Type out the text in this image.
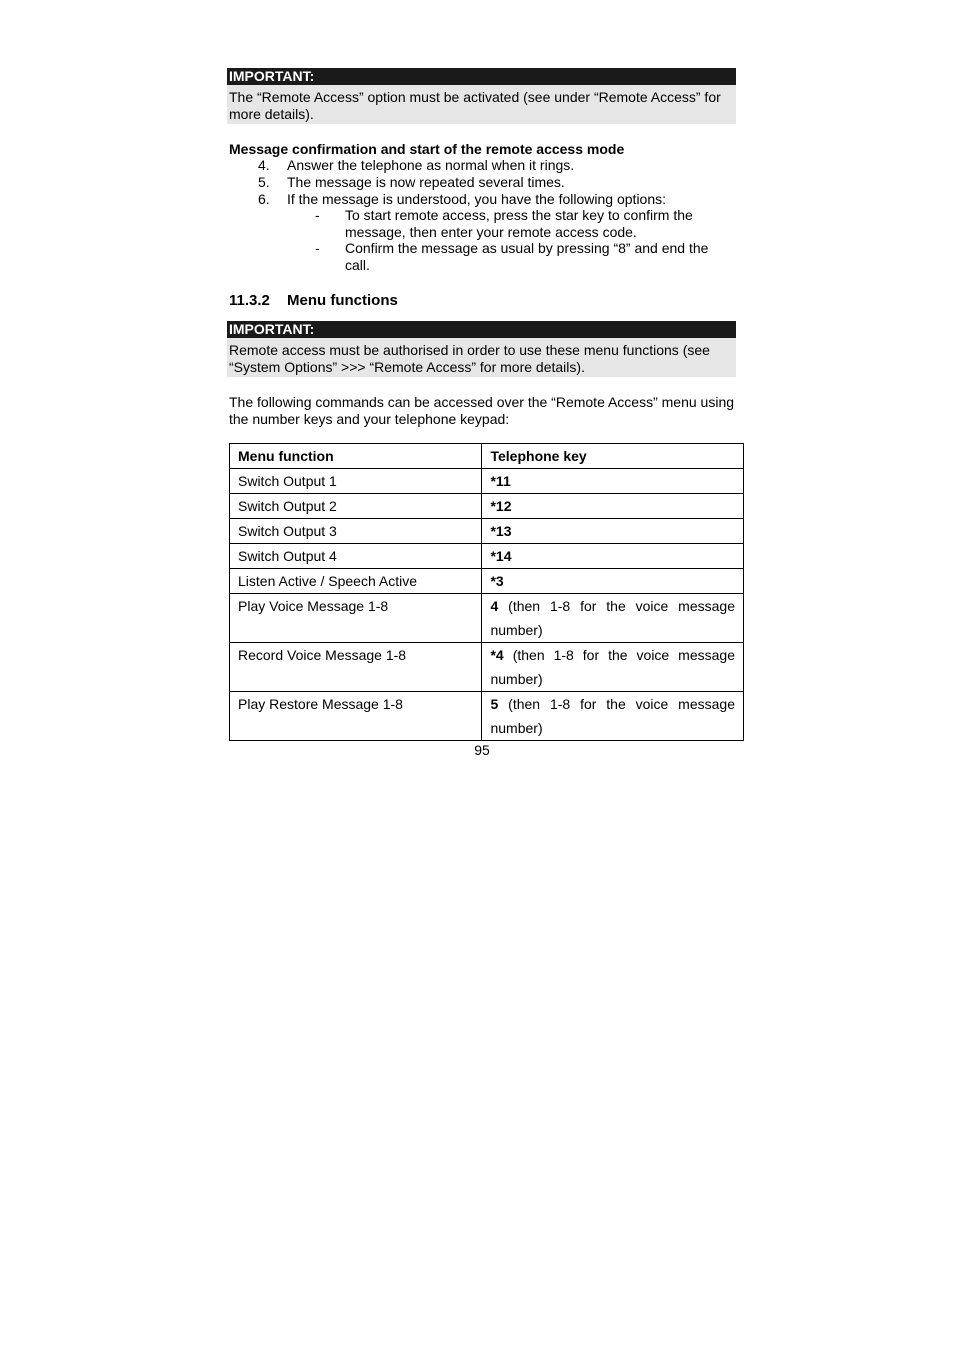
IMPORTANT:
The “Remote Access” option must be activated (see under “Remote Access” for more details).
Message confirmation and start of the remote access mode
4. Answer the telephone as normal when it rings.
5. The message is now repeated several times.
6. If the message is understood, you have the following options:
- To start remote access, press the star key to confirm the message, then enter your remote access code.
- Confirm the message as usual by pressing “8” and end the call.
11.3.2 Menu functions
IMPORTANT:
Remote access must be authorised in order to use these menu functions (see “System Options” >>> “Remote Access” for more details).
The following commands can be accessed over the “Remote Access” menu using the number keys and your telephone keypad:
Menu function	Telephone key
Switch Output 1	*11
Switch Output 2	*12
Switch Output 3	*13
Switch Output 4	*14
Listen Active / Speech Active	*3
Play Voice Message 1-8	4 (then 1-8 for the voice message number)
Record Voice Message 1-8	*4 (then 1-8 for the voice message number)
Play Restore Message 1-8	5 (then 1-8 for the voice message number)
95
